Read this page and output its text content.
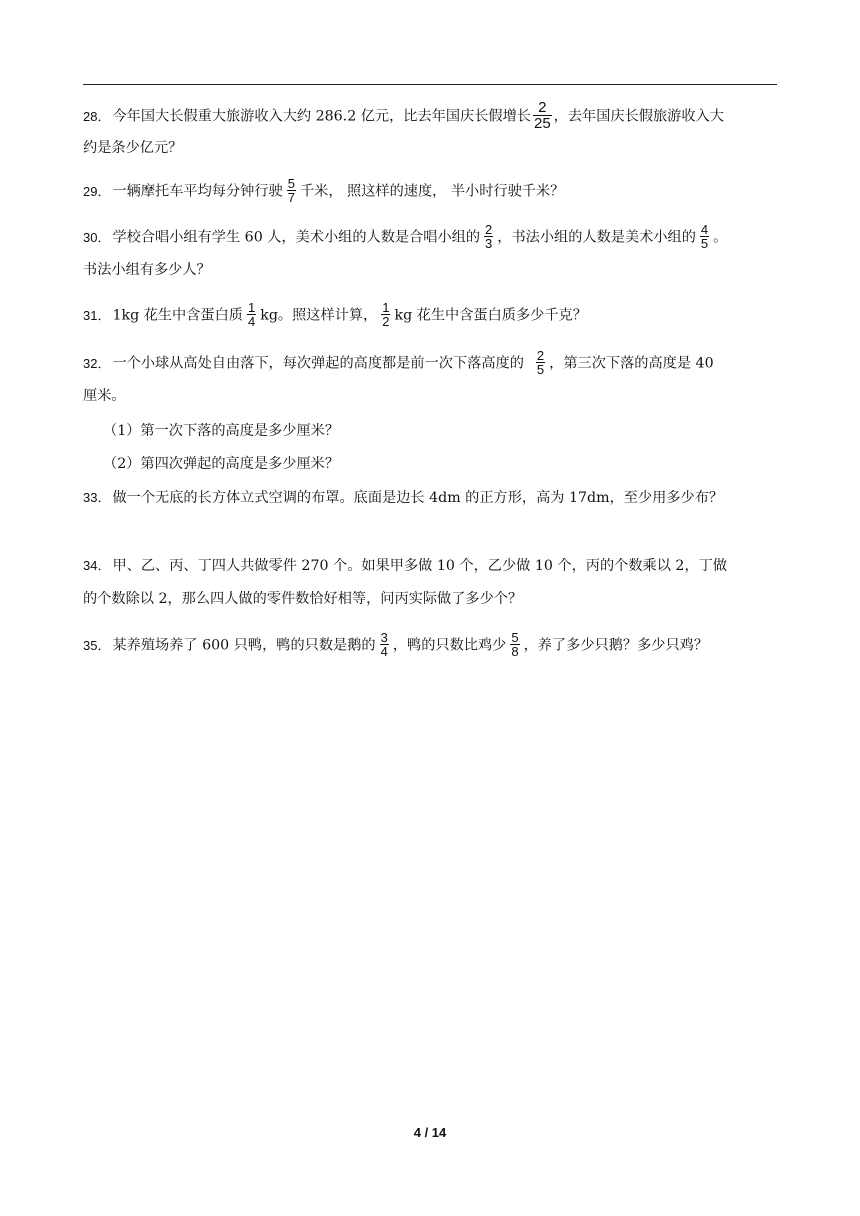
28． 今年国大长假重大旅游收入大约 286.2 亿元，比去年国庆长假增长 $\frac{2}{25}$ ，去年国庆长假旅游收入大
约是条少亿元？
29． 一辆摩托车平均每分钟行驶 $\frac{5}{7}$ 千米， 照这样的速度， 半小时行驶千米？
30． 学校合唱小组有学生 60 人，美术小组的人数是合唱小组的 $\frac{2}{3}$ ，书法小组的人数是美术小组的 $\frac{4}{5}$ 。
书法小组有多少人？
31． 1kg 花生中含蛋白质 $\frac{1}{4}$ kg。照这样计算， $\frac{1}{2}$ kg 花生中含蛋白质多少千克？
32． 一个小球从高处自由落下，每次弹起的高度都是前一次下落高度的 $\frac{2}{5}$ ，第三次下落的高度是 40
厘米。
（1）第一次下落的高度是多少厘米？
（2）第四次弹起的高度是多少厘米？
33． 做一个无底的长方体立式空调的布罩。底面是边长 4dm 的正方形，高为 17dm，至少用多少布？
34． 甲、乙、丙、丁四人共做零件 270 个。如果甲多做 10 个，乙少做 10 个，丙的个数乘以 2，丁做
的个数除以 2，那么四人做的零件数恰好相等，问丙实际做了多少个？
35． 某养殖场养了 600 只鸭，鸭的只数是鹅的 $\frac{3}{4}$ ，鸭的只数比鸡少 $\frac{5}{8}$ ，养了多少只鹅？多少只鸡？
4 / 14
